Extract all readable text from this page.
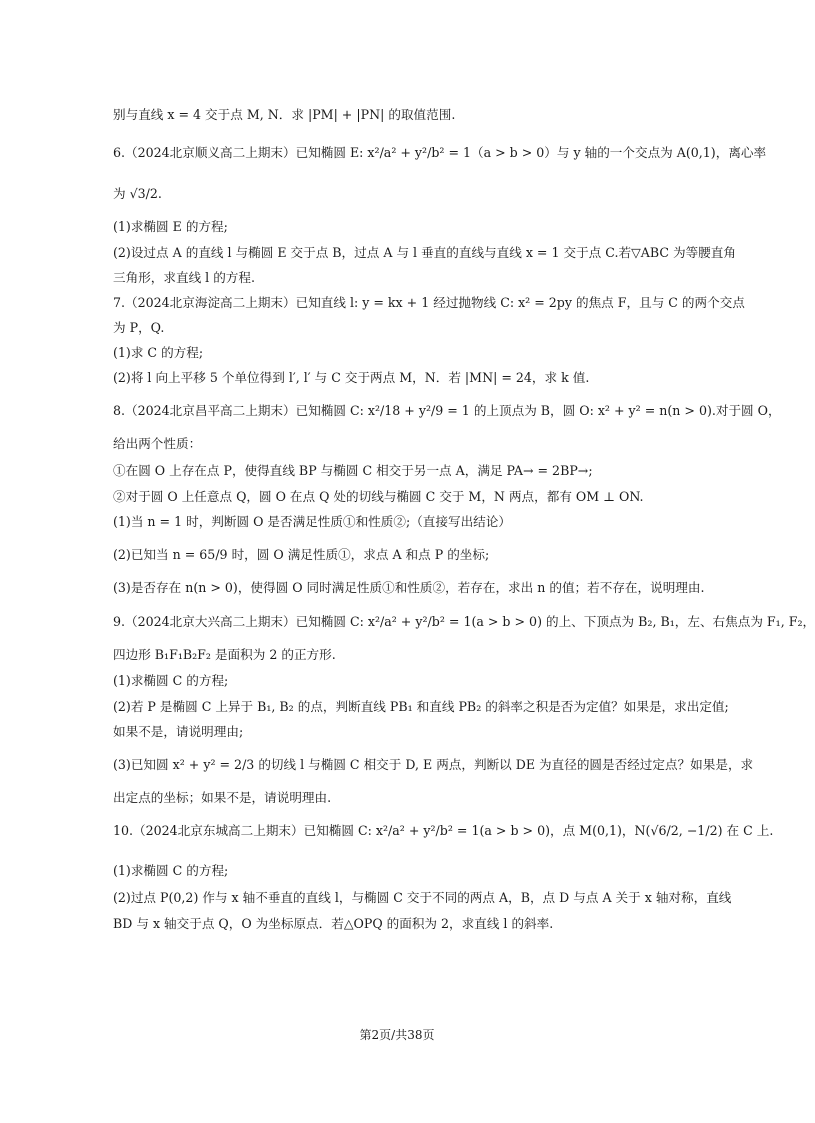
别与直线 x = 4 交于点 M, N．求 |PM| + |PN| 的取值范围.
6.（2024北京顺义高二上期末）已知椭圆 E: x²/a² + y²/b² = 1（a > b > 0）与 y 轴的一个交点为 A(0,1)，离心率
为 √3/2.
(1)求椭圆 E 的方程;
(2)设过点 A 的直线 l 与椭圆 E 交于点 B，过点 A 与 l 垂直的直线与直线 x = 1 交于点 C.若▽ABC 为等腰直角
三角形，求直线 l 的方程.
7.（2024北京海淀高二上期末）已知直线 l: y = kx + 1 经过抛物线 C: x² = 2py 的焦点 F，且与 C 的两个交点
为 P，Q.
(1)求 C 的方程;
(2)将 l 向上平移 5 个单位得到 l′, l′ 与 C 交于两点 M，N．若 |MN| = 24，求 k 值.
8.（2024北京昌平高二上期末）已知椭圆 C: x²/18 + y²/9 = 1 的上顶点为 B，圆 O: x² + y² = n(n > 0).对于圆 O，
给出两个性质：
①在圆 O 上存在点 P，使得直线 BP 与椭圆 C 相交于另一点 A，满足 PA→ = 2BP→;
②对于圆 O 上任意点 Q，圆 O 在点 Q 处的切线与椭圆 C 交于 M，N 两点，都有 OM ⊥ ON.
(1)当 n = 1 时，判断圆 O 是否满足性质①和性质②;（直接写出结论）
(2)已知当 n = 65/9 时，圆 O 满足性质①，求点 A 和点 P 的坐标;
(3)是否存在 n(n > 0)，使得圆 O 同时满足性质①和性质②，若存在，求出 n 的值；若不存在，说明理由.
9.（2024北京大兴高二上期末）已知椭圆 C: x²/a² + y²/b² = 1(a > b > 0) 的上、下顶点为 B₂, B₁，左、右焦点为 F₁, F₂，
四边形 B₁F₁B₂F₂ 是面积为 2 的正方形.
(1)求椭圆 C 的方程;
(2)若 P 是椭圆 C 上异于 B₁, B₂ 的点，判断直线 PB₁ 和直线 PB₂ 的斜率之积是否为定值？如果是，求出定值;
如果不是，请说明理由;
(3)已知圆 x² + y² = 2/3 的切线 l 与椭圆 C 相交于 D, E 两点，判断以 DE 为直径的圆是否经过定点？如果是，求
出定点的坐标；如果不是，请说明理由.
10.（2024北京东城高二上期末）已知椭圆 C: x²/a² + y²/b² = 1(a > b > 0)，点 M(0,1)，N(√6/2, −1/2) 在 C 上.
(1)求椭圆 C 的方程;
(2)过点 P(0,2) 作与 x 轴不垂直的直线 l，与椭圆 C 交于不同的两点 A，B，点 D 与点 A 关于 x 轴对称，直线
BD 与 x 轴交于点 Q，O 为坐标原点．若△OPQ 的面积为 2，求直线 l 的斜率.
第2页/共38页
